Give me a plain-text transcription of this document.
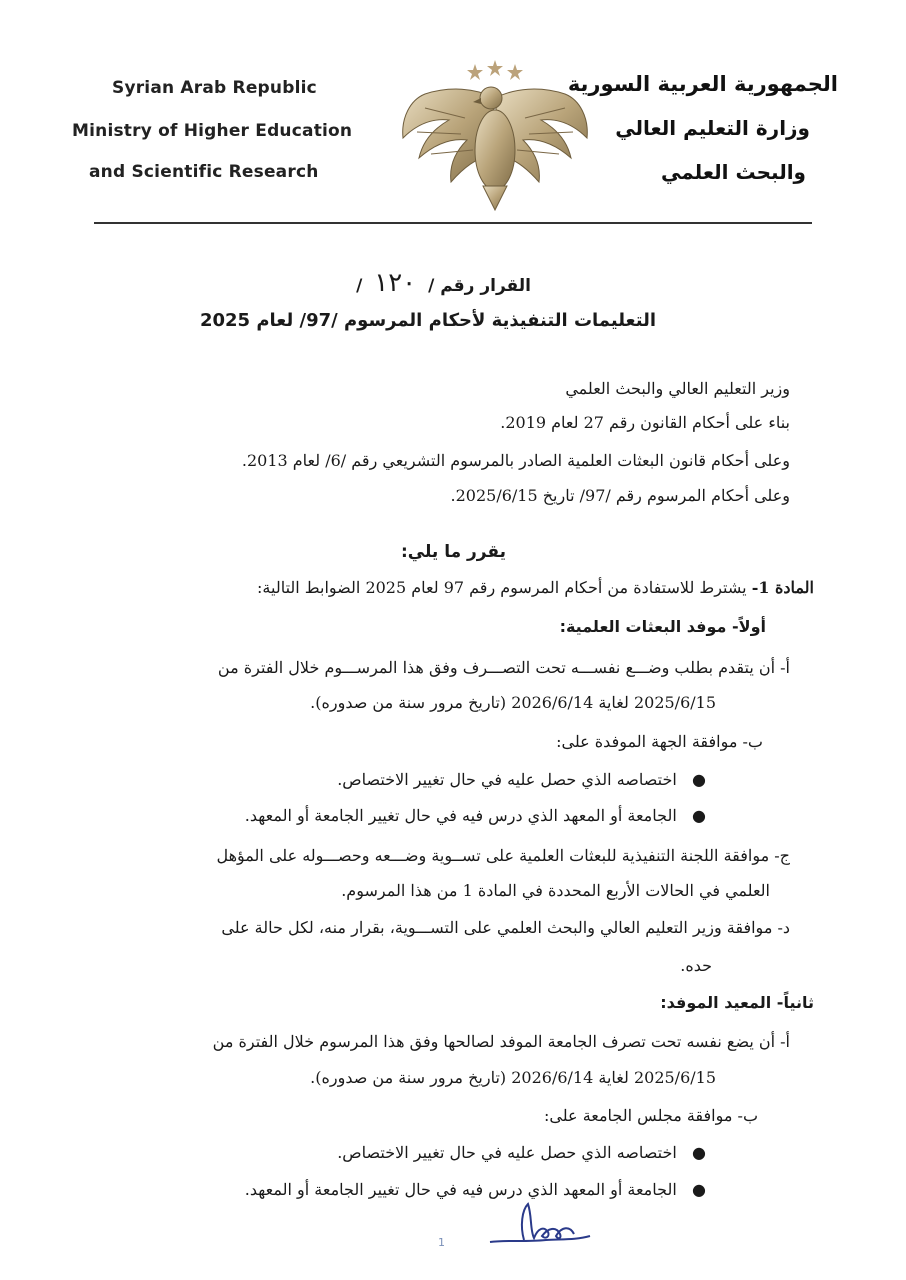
Syrian Arab Republic
Ministry of Higher Education
and Scientific Research
الجمهورية العربية السورية
وزارة التعليم العالي
والبحث العلمي
القرار رقم / ١٢٠ /
التعليمات التنفيذية لأحكام المرسوم /97/ لعام 2025
وزير التعليم العالي والبحث العلمي
بناء على أحكام القانون رقم 27 لعام 2019.
وعلى أحكام قانون البعثات العلمية الصادر بالمرسوم التشريعي رقم /6/ لعام 2013.
وعلى أحكام المرسوم رقم /97/ تاريخ 2025/6/15.
يقرر ما يلي:
المادة 1- يشترط للاستفادة من أحكام المرسوم رقم 97 لعام 2025 الضوابط التالية:
أولاً- موفد البعثات العلمية:
أ- أن يتقدم بطلب وضـــع نفســـه تحت التصـــرف وفق هذا المرســـوم خلال الفترة من
2025/6/15 لغاية 2026/6/14 (تاريخ مرور سنة من صدوره).
ب- موافقة الجهة الموفدة على:
●   اختصاصه الذي حصل عليه في حال تغيير الاختصاص.
●   الجامعة أو المعهد الذي درس فيه في حال تغيير الجامعة أو المعهد.
ج- موافقة اللجنة التنفيذية للبعثات العلمية على تســوية وضـــعه وحصـــوله على المؤهل
العلمي في الحالات الأربع المحددة في المادة 1 من هذا المرسوم.
د- موافقة وزير التعليم العالي والبحث العلمي على التســـوية، بقرار منه، لكل حالة على
حده.
ثانياً- المعيد الموفد:
أ- أن يضع نفسه تحت تصرف الجامعة الموفد لصالحها وفق هذا المرسوم خلال الفترة من
2025/6/15 لغاية 2026/6/14 (تاريخ مرور سنة من صدوره).
ب- موافقة مجلس الجامعة على:
●   اختصاصه الذي حصل عليه في حال تغيير الاختصاص.
●   الجامعة أو المعهد الذي درس فيه في حال تغيير الجامعة أو المعهد.
1
